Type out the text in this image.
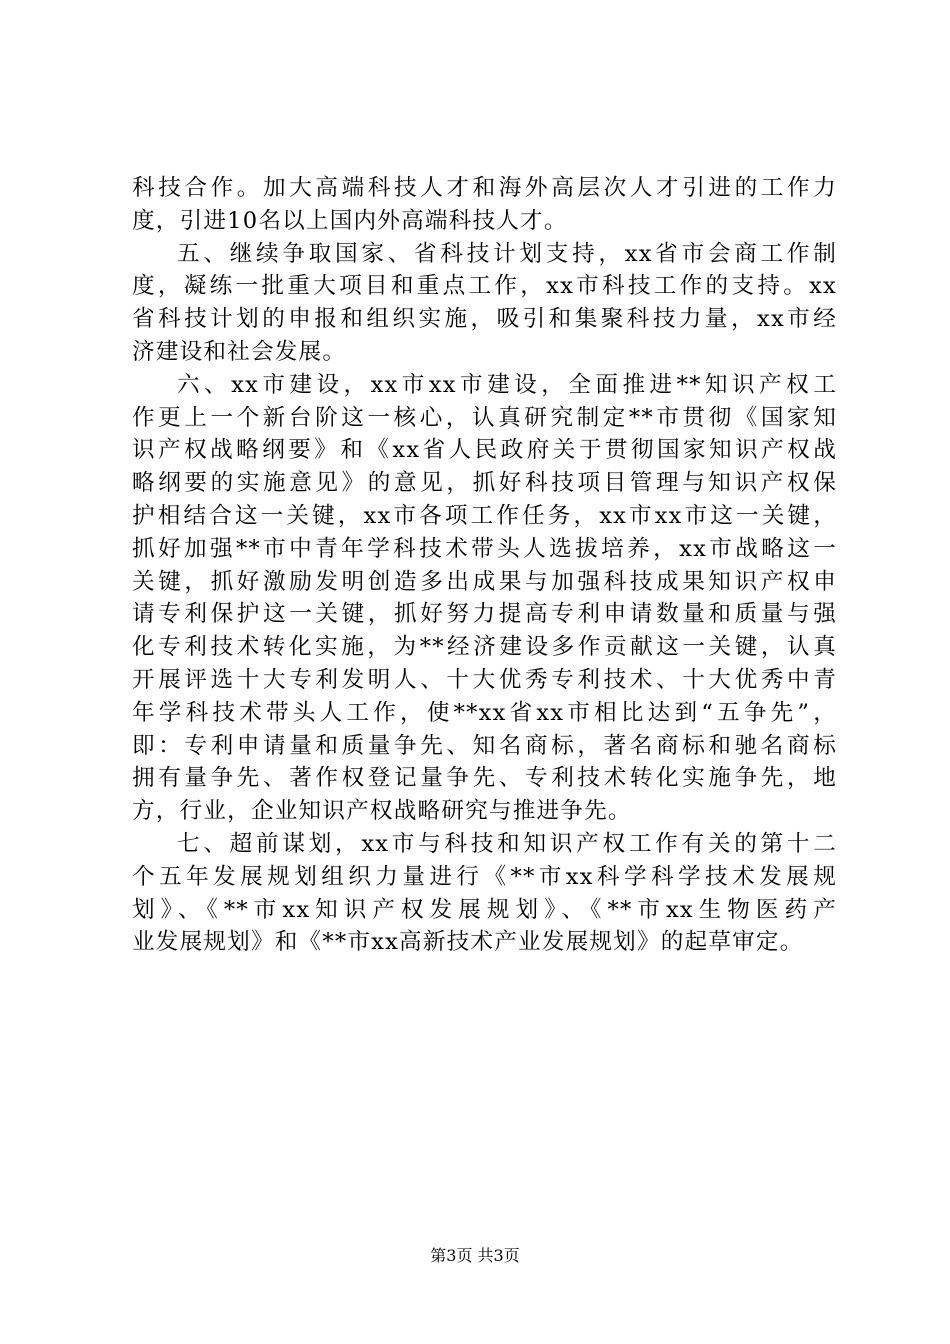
科技合作。加大高端科技人才和海外高层次人才引进的工作力
度，引进10名以上国内外高端科技人才。
五、继续争取国家、省科技计划支持，xx省市会商工作制
度，凝练一批重大项目和重点工作，xx市科技工作的支持。xx
省科技计划的申报和组织实施，吸引和集聚科技力量，xx市经
济建设和社会发展。
六、xx市建设，xx市xx市建设，全面推进**知识产权工
作更上一个新台阶这一核心，认真研究制定**市贯彻《国家知
识产权战略纲要》和《xx省人民政府关于贯彻国家知识产权战
略纲要的实施意见》的意见，抓好科技项目管理与知识产权保
护相结合这一关键，xx市各项工作任务，xx市xx市这一关键，
抓好加强**市中青年学科技术带头人选拔培养，xx市战略这一
关键，抓好激励发明创造多出成果与加强科技成果知识产权申
请专利保护这一关键，抓好努力提高专利申请数量和质量与强
化专利技术转化实施，为**经济建设多作贡献这一关键，认真
开展评选十大专利发明人、十大优秀专利技术、十大优秀中青
年学科技术带头人工作，使**xx省xx市相比达到“五争先”，
即：专利申请量和质量争先、知名商标，著名商标和驰名商标
拥有量争先、著作权登记量争先、专利技术转化实施争先，地
方，行业，企业知识产权战略研究与推进争先。
七、超前谋划，xx市与科技和知识产权工作有关的第十二
个五年发展规划组织力量进行《**市xx科学科学技术发展规
划》、《**市xx知识产权发展规划》、《**市xx生物医药产
业发展规划》和《**市xx高新技术产业发展规划》的起草审定。
第3页 共3页
